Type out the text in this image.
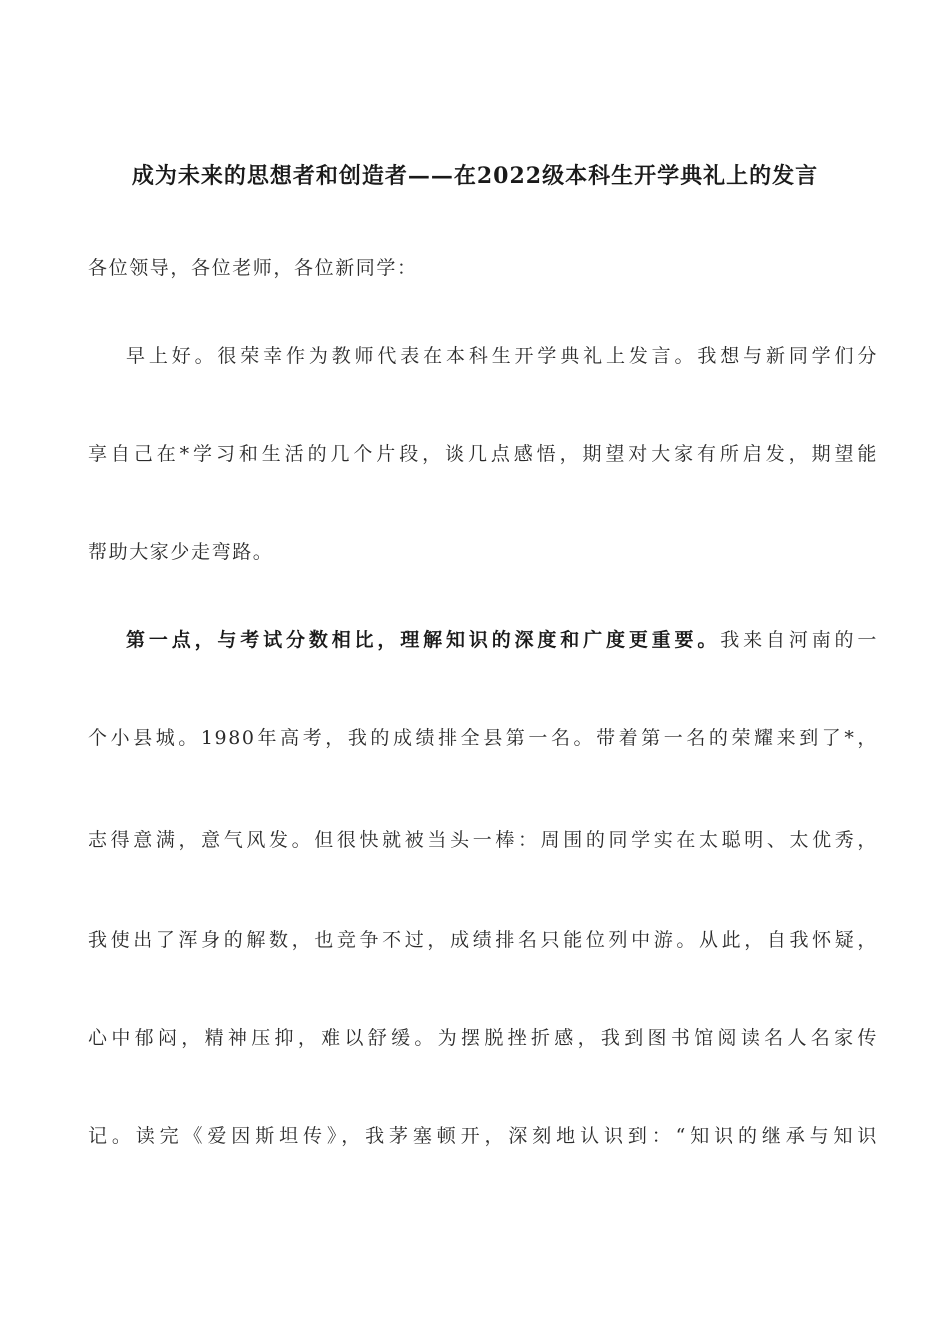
成为未来的思想者和创造者——在2022级本科生开学典礼上的发言
各位领导，各位老师，各位新同学：
早上好。很荣幸作为教师代表在本科生开学典礼上发言。我想与新同学们分
享自己在*学习和生活的几个片段，谈几点感悟，期望对大家有所启发，期望能
帮助大家少走弯路。
第一点，与考试分数相比，理解知识的深度和广度更重要。我来自河南的一
个小县城。1980年高考，我的成绩排全县第一名。带着第一名的荣耀来到了*，
志得意满，意气风发。但很快就被当头一棒：周围的同学实在太聪明、太优秀，
我使出了浑身的解数，也竞争不过，成绩排名只能位列中游。从此，自我怀疑，
心中郁闷，精神压抑，难以舒缓。为摆脱挫折感，我到图书馆阅读名人名家传
记。读完《爱因斯坦传》，我茅塞顿开，深刻地认识到：“知识的继承与知识
